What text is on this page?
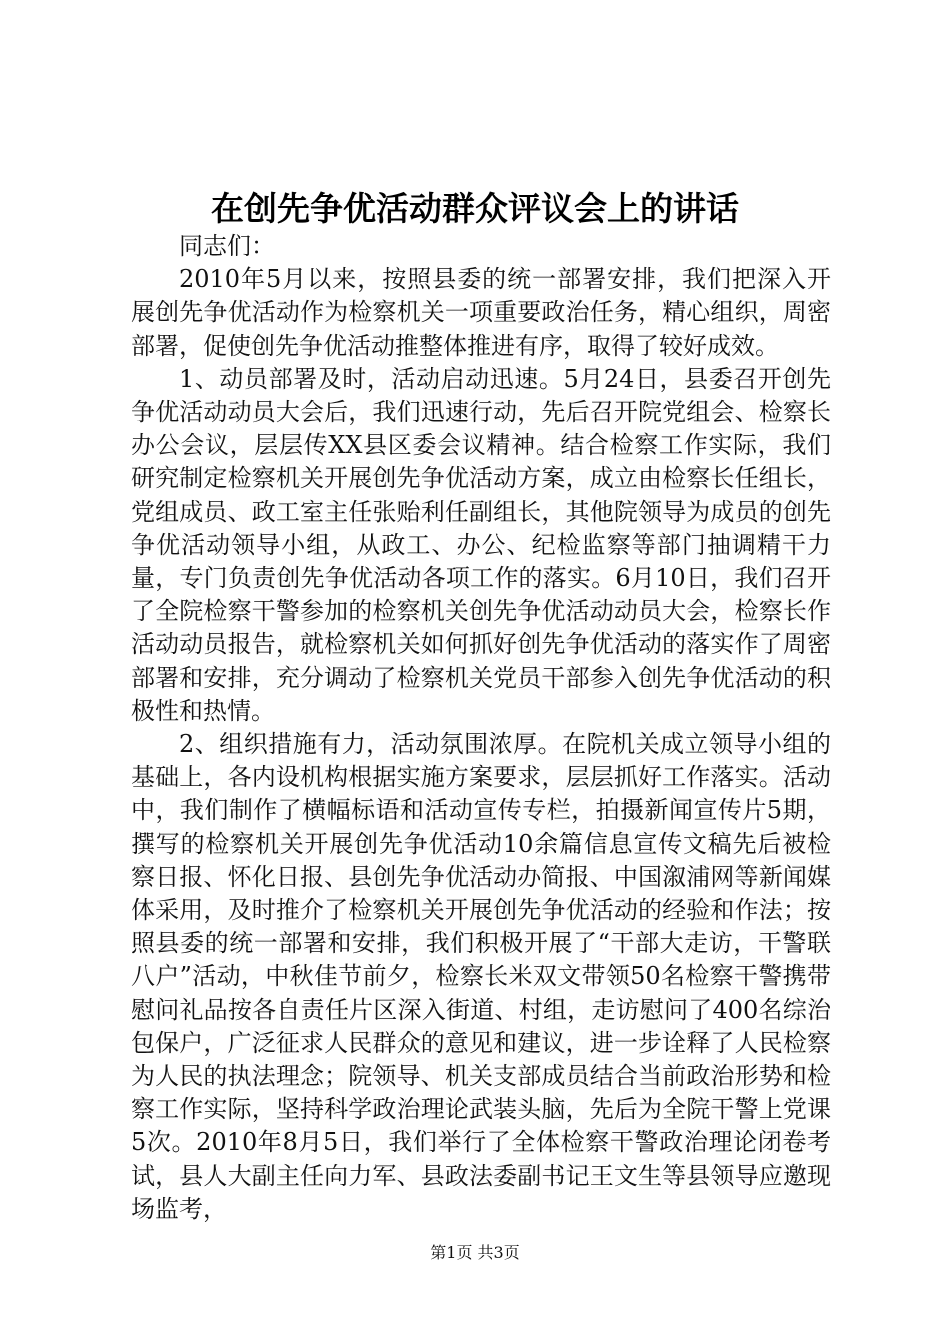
在创先争优活动群众评议会上的讲话

同志们：

2010年5月以来，按照县委的统一部署安排，我们把深入开展创先争优活动作为检察机关一项重要政治任务，精心组织，周密部署，促使创先争优活动推整体推进有序，取得了较好成效。

1、动员部署及时，活动启动迅速。5月24日，县委召开创先争优活动动员大会后，我们迅速行动，先后召开院党组会、检察长办公会议，层层传XX县区委会议精神。结合检察工作实际，我们研究制定检察机关开展创先争优活动方案，成立由检察长任组长，党组成员、政工室主任张贻利任副组长，其他院领导为成员的创先争优活动领导小组，从政工、办公、纪检监察等部门抽调精干力量，专门负责创先争优活动各项工作的落实。6月10日，我们召开了全院检察干警参加的检察机关创先争优活动动员大会，检察长作活动动员报告，就检察机关如何抓好创先争优活动的落实作了周密部署和安排，充分调动了检察机关党员干部参入创先争优活动的积极性和热情。

2、组织措施有力，活动氛围浓厚。在院机关成立领导小组的基础上，各内设机构根据实施方案要求，层层抓好工作落实。活动中，我们制作了横幅标语和活动宣传专栏，拍摄新闻宣传片5期，撰写的检察机关开展创先争优活动10余篇信息宣传文稿先后被检察日报、怀化日报、县创先争优活动办简报、中国溆浦网等新闻媒体采用，及时推介了检察机关开展创先争优活动的经验和作法；按照县委的统一部署和安排，我们积极开展了“干部大走访，干警联八户”活动，中秋佳节前夕，检察长米双文带领50名检察干警携带慰问礼品按各自责任片区深入街道、村组，走访慰问了400名综治包保户，广泛征求人民群众的意见和建议，进一步诠释了人民检察为人民的执法理念；院领导、机关支部成员结合当前政治形势和检察工作实际，坚持科学政治理论武装头脑，先后为全院干警上党课5次。2010年8月5日，我们举行了全体检察干警政治理论闭卷考试，县人大副主任向力军、县政法委副书记王文生等县领导应邀现场监考，

第1页 共3页
